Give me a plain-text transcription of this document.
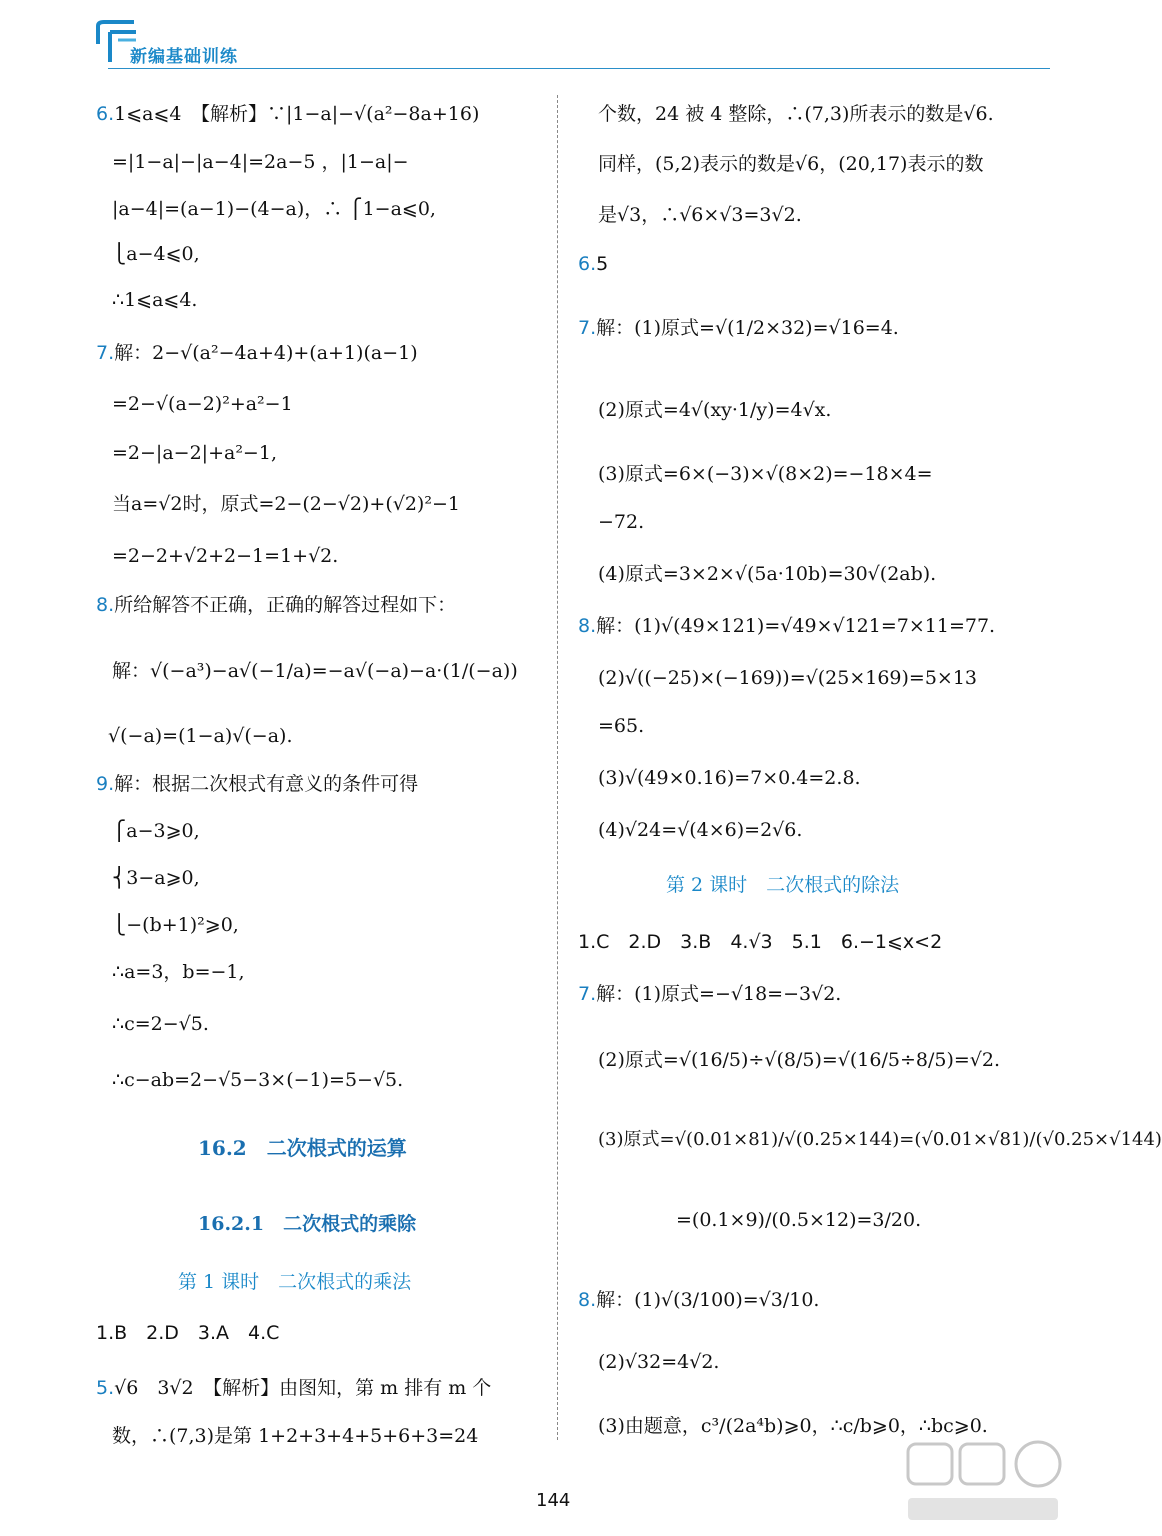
新编基础训练
6.1⩽a⩽4　【解析】∵|1−a|−√(a²−8a+16)
=|1−a|−|a−4|=2a−5 ，|1−a|−
|a−4|=(a−1)−(4−a)，∴ ⎧1−a⩽0,
⎩a−4⩽0,
∴1⩽a⩽4.
7.解：2−√(a²−4a+4)+(a+1)(a−1)
=2−√(a−2)²+a²−1
=2−|a−2|+a²−1,
当a=√2时，原式=2−(2−√2)+(√2)²−1
=2−2+√2+2−1=1+√2.
8.所给解答不正确，正确的解答过程如下：
解：√(−a³)−a√(−1/a)=−a√(−a)−a·(1/(−a))
√(−a)=(1−a)√(−a).
9.解：根据二次根式有意义的条件可得
⎧a−3⩾0,
⎨3−a⩾0,
⎩−(b+1)²⩾0,
∴a=3，b=−1,
∴c=2−√5.
∴c−ab=2−√5−3×(−1)=5−√5.
16.2　二次根式的运算
16.2.1　二次根式的乘除
第 1 课时　二次根式的乘法
1.B　2.D　3.A　4.C
5.√6　3√2　【解析】由图知，第 m 排有 m 个
数，∴(7,3)是第 1+2+3+4+5+6+3=24
个数，24 被 4 整除，∴(7,3)所表示的数是√6.
同样，(5,2)表示的数是√6，(20,17)表示的数
是√3，∴√6×√3=3√2.
6.5
7.解：(1)原式=√(1/2×32)=√16=4.
(2)原式=4√(xy·1/y)=4√x.
(3)原式=6×(−3)×√(8×2)=−18×4=
−72.
(4)原式=3×2×√(5a·10b)=30√(2ab).
8.解：(1)√(49×121)=√49×√121=7×11=77.
(2)√((−25)×(−169))=√(25×169)=5×13
=65.
(3)√(49×0.16)=7×0.4=2.8.
(4)√24=√(4×6)=2√6.
第 2 课时　二次根式的除法
1.C　2.D　3.B　4.√3　5.1　6.−1⩽x<2
7.解：(1)原式=−√18=−3√2.
(2)原式=√(16/5)÷√(8/5)=√(16/5÷8/5)=√2.
(3)原式=√(0.01×81)/√(0.25×144)=(√0.01×√81)/(√0.25×√144)
=(0.1×9)/(0.5×12)=3/20.
8.解：(1)√(3/100)=√3/10.
(2)√32=4√2.
(3)由题意，c³/(2a⁴b)⩾0，∴c/b⩾0，∴bc⩾0.
144
